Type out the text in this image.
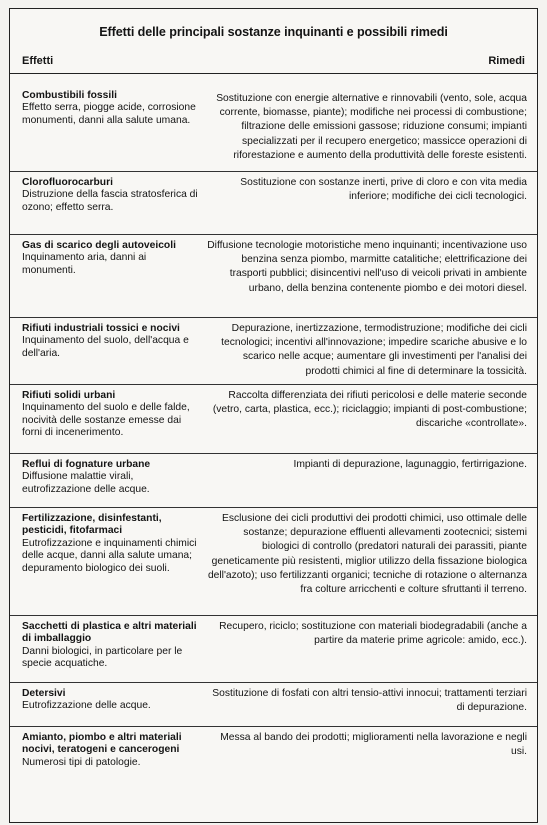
Effetti delle principali sostanze inquinanti e possibili rimedi
Effetti	Rimedi
Combustibili fossili
Effetto serra, piogge acide, corrosione monumenti, danni alla salute umana.
Sostituzione con energie alternative e rinnovabili (vento, sole, acqua corrente, biomasse, piante); modifiche nei processi di combustione; filtrazione delle emissioni gassose; riduzione consumi; impianti specializzati per il recupero energetico; massicce operazioni di riforestazione e aumento della produttività delle foreste esistenti.
Clorofluorocarburi
Distruzione della fascia stratosferica di ozono; effetto serra.
Sostituzione con sostanze inerti, prive di cloro e con vita media inferiore; modifiche dei cicli tecnologici.
Gas di scarico degli autoveicoli
Inquinamento aria, danni ai monumenti.
Diffusione tecnologie motoristiche meno inquinanti; incentivazione uso benzina senza piombo, marmitte catalitiche; elettrificazione dei trasporti pubblici; disincentivi nell'uso di veicoli privati in ambiente urbano, della benzina contenente piombo e dei motori diesel.
Rifiuti industriali tossici e nocivi
Inquinamento del suolo, dell'acqua e dell'aria.
Depurazione, inertizzazione, termodistruzione; modifiche dei cicli tecnologici; incentivi all'innovazione; impedire scariche abusive e lo scarico nelle acque; aumentare gli investimenti per l'analisi dei prodotti chimici al fine di determinare la tossicità.
Rifiuti solidi urbani
Inquinamento del suolo e delle falde, nocività delle sostanze emesse dai forni di incenerimento.
Raccolta differenziata dei rifiuti pericolosi e delle materie seconde (vetro, carta, plastica, ecc.); riciclaggio; impianti di post-combustione; discariche «controllate».
Reflui di fognature urbane
Diffusione malattie virali, eutrofizzazione delle acque.
Impianti di depurazione, lagunaggio, fertirrigazione.
Fertilizzazione, disinfestanti, pesticidi, fitofarmaci
Eutrofizzazione e inquinamenti chimici delle acque, danni alla salute umana; depuramento biologico dei suoli.
Esclusione dei cicli produttivi dei prodotti chimici, uso ottimale delle sostanze; depurazione effluenti allevamenti zootecnici; sistemi biologici di controllo (predatori naturali dei parassiti, piante geneticamente più resistenti, miglior utilizzo della fissazione biologica dell'azoto); uso fertilizzanti organici; tecniche di rotazione o alternanza fra colture arricchenti e colture sfruttanti il terreno.
Sacchetti di plastica e altri materiali di imballaggio
Danni biologici, in particolare per le specie acquatiche.
Recupero, riciclo; sostituzione con materiali biodegradabili (anche a partire da materie prime agricole: amido, ecc.).
Detersivi
Eutrofizzazione delle acque.
Sostituzione di fosfati con altri tensio-attivi innocui; trattamenti terziari di depurazione.
Amianto, piombo e altri materiali nocivi, teratogeni e cancerogeni
Numerosi tipi di patologie.
Messa al bando dei prodotti; miglioramenti nella lavorazione e negli usi.
